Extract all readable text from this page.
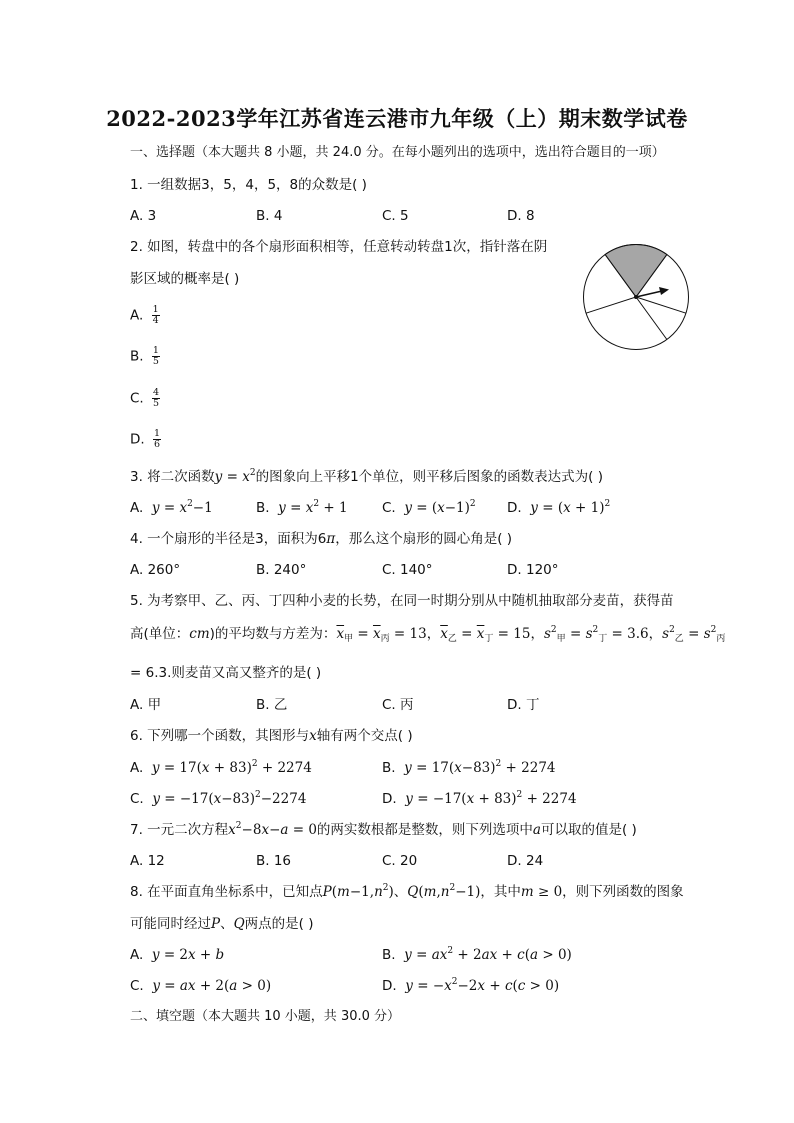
2022-2023学年江苏省连云港市九年级（上）期末数学试卷
一、选择题（本大题共 8 小题，共 24.0 分。在每小题列出的选项中，选出符合题目的一项）
1. 一组数据3，5，4，5，8的众数是( )
A. 3	B. 4	C. 5	D. 8
2. 如图，转盘中的各个扇形面积相等，任意转动转盘1次，指针落在阴
影区域的概率是( )
A. $\frac{1}{4}$
B. $\frac{1}{5}$
C. $\frac{4}{5}$
D. $\frac{1}{6}$
3. 将二次函数$y = x^2$的图象向上平移1个单位，则平移后图象的函数表达式为( )
A. $y = x^2-1$	B. $y = x^2 + 1$	C. $y = (x-1)^2$ D. $y = (x + 1)^2$
4. 一个扇形的半径是3，面积为6π，那么这个扇形的圆心角是( )
A. 260°	B. 240°	C. 140°	D. 120°
5. 为考察甲、乙、丙、丁四种小麦的长势，在同一时期分别从中随机抽取部分麦苗，获得苗
高(单位：cm)的平均数与方差为：$\overline{x}_甲 = \overline{x}_丙 = 13$，$\overline{x}_乙 = \overline{x}_丁 = 15$，$s^2_甲 = s^2_丁 = 3.6$，$s^2_乙 = s^2_丙$
= 6.3.则麦苗又高又整齐的是( )
A. 甲	B. 乙	C. 丙	D. 丁
6. 下列哪一个函数，其图形与x轴有两个交点( )
A. $y = 17(x + 83)^2 + 2274$	B. $y = 17(x-83)^2 + 2274$
C. $y = -17(x-83)^2-2274$	D. $y = -17(x + 83)^2 + 2274$
7. 一元二次方程$x^2-8x-a = 0$的两实数根都是整数，则下列选项中a可以取的值是( )
A. 12	B. 16	C. 20	D. 24
8. 在平面直角坐标系中，已知点$P(m-1,n^2)$、$Q(m,n^2-1)$，其中m ≥ 0，则下列函数的图象
可能同时经过P、Q两点的是( )
A. y = 2x + b	B. $y = ax^2 + 2ax + c(a > 0)$
C. y = ax + 2(a > 0)	D. $y = -x^2-2x + c(c > 0)$
二、填空题（本大题共 10 小题，共 30.0 分）
